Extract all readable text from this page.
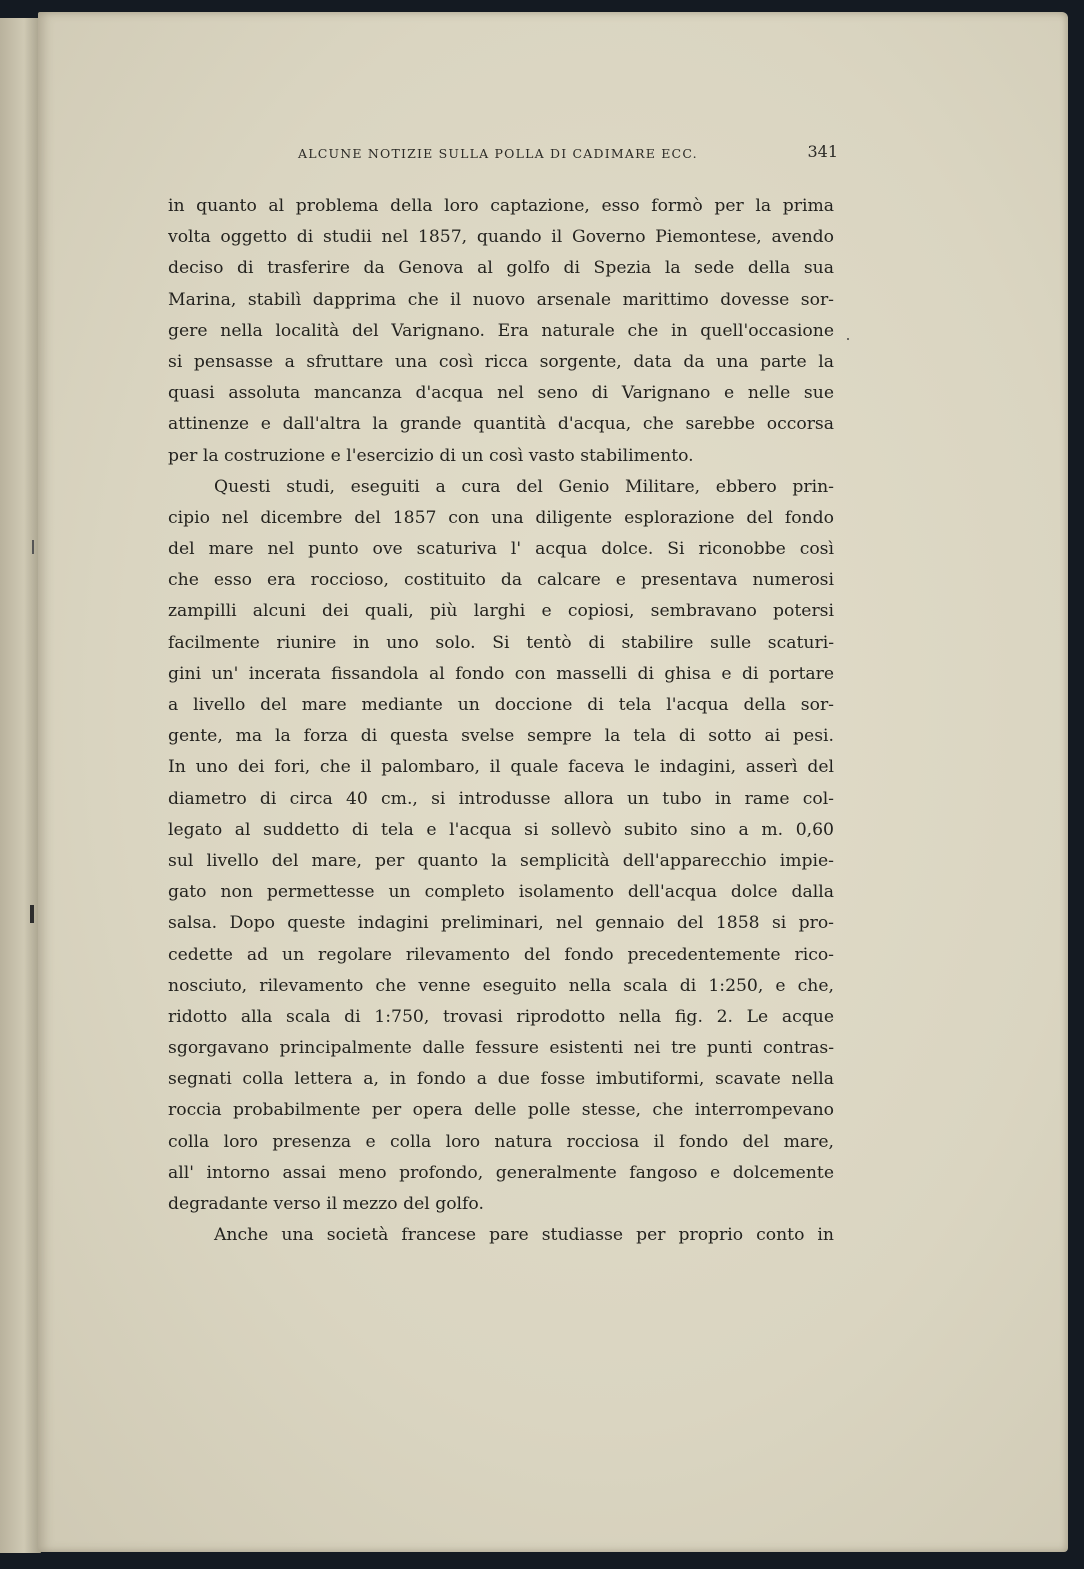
ALCUNE NOTIZIE SULLA POLLA DI CADIMARE ECC.	341

in quanto al problema della loro captazione, esso formò per la prima
volta oggetto di studii nel 1857, quando il Governo Piemontese, avendo
deciso di trasferire da Genova al golfo di Spezia la sede della sua
Marina, stabilì dapprima che il nuovo arsenale marittimo dovesse sor-
gere nella località del Varignano. Era naturale che in quell'occasione
si pensasse a sfruttare una così ricca sorgente, data da una parte la
quasi assoluta mancanza d'acqua nel seno di Varignano e nelle sue
attinenze e dall'altra la grande quantità d'acqua, che sarebbe occorsa
per la costruzione e l'esercizio di un così vasto stabilimento.

Questi studi, eseguiti a cura del Genio Militare, ebbero prin-
cipio nel dicembre del 1857 con una diligente esplorazione del fondo
del mare nel punto ove scaturiva l' acqua dolce. Si riconobbe così
che esso era roccioso, costituito da calcare e presentava numerosi
zampilli alcuni dei quali, più larghi e copiosi, sembravano potersi
facilmente riunire in uno solo. Si tentò di stabilire sulle scaturi-
gini un' incerata fissandola al fondo con masselli di ghisa e di portare
a livello del mare mediante un doccione di tela l'acqua della sor-
gente, ma la forza di questa svelse sempre la tela di sotto ai pesi.
In uno dei fori, che il palombaro, il quale faceva le indagini, asserì del
diametro di circa 40 cm., si introdusse allora un tubo in rame col-
legato al suddetto di tela e l'acqua si sollevò subito sino a m. 0,60
sul livello del mare, per quanto la semplicità dell'apparecchio impie-
gato non permettesse un completo isolamento dell'acqua dolce dalla
salsa. Dopo queste indagini preliminari, nel gennaio del 1858 si pro-
cedette ad un regolare rilevamento del fondo precedentemente rico-
nosciuto, rilevamento che venne eseguito nella scala di 1:250, e che,
ridotto alla scala di 1:750, trovasi riprodotto nella fig. 2. Le acque
sgorgavano principalmente dalle fessure esistenti nei tre punti contras-
segnati colla lettera a, in fondo a due fosse imbutiformi, scavate nella
roccia probabilmente per opera delle polle stesse, che interrompevano
colla loro presenza e colla loro natura rocciosa il fondo del mare,
all' intorno assai meno profondo, generalmente fangoso e dolcemente
degradante verso il mezzo del golfo.

Anche una società francese pare studiasse per proprio conto in
